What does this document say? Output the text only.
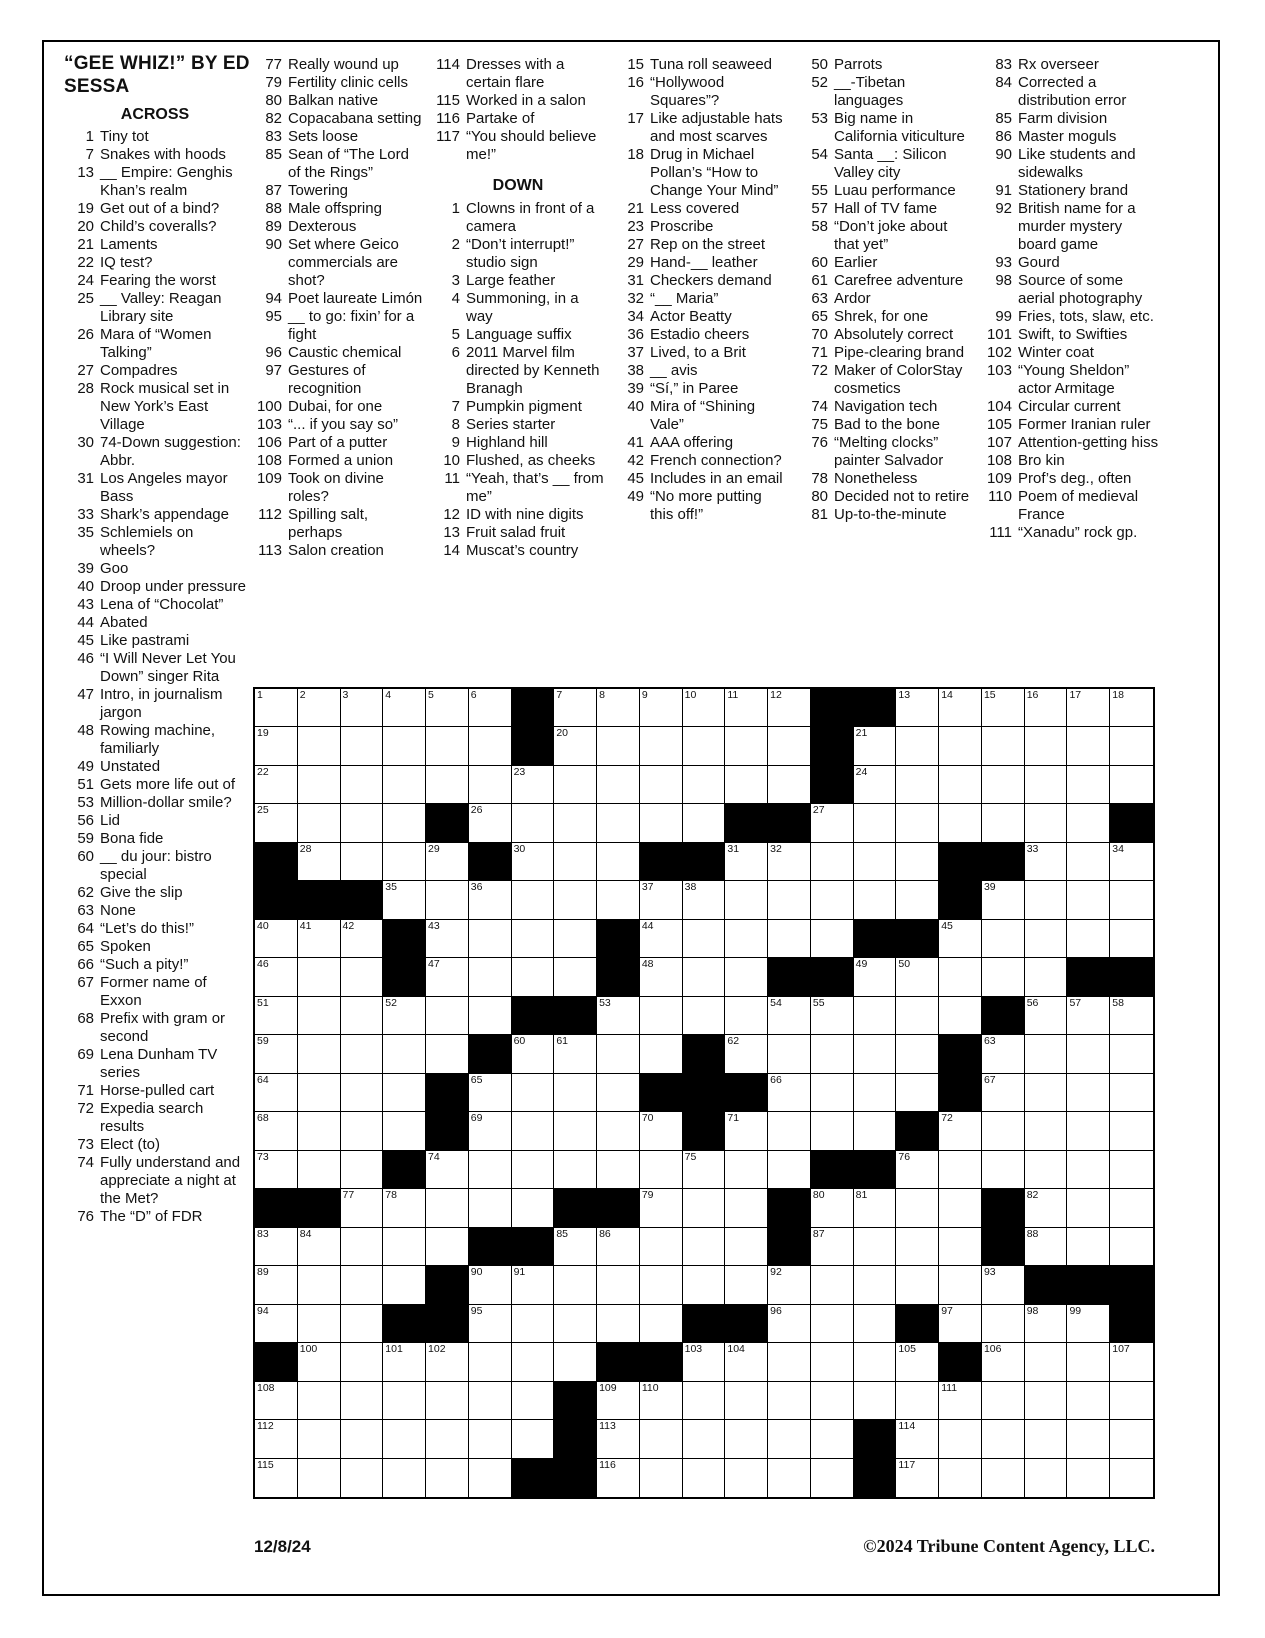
“GEE WHIZ!” BY ED SESSA
ACROSS
1 Tiny tot
7 Snakes with hoods
13 __ Empire: Genghis Khan’s realm
19 Get out of a bind?
20 Child’s coveralls?
21 Laments
22 IQ test?
24 Fearing the worst
25 __ Valley: Reagan Library site
26 Mara of “Women Talking”
27 Compadres
28 Rock musical set in New York’s East Village
30 74-Down suggestion: Abbr.
31 Los Angeles mayor Bass
33 Shark’s appendage
35 Schlemiels on wheels?
39 Goo
40 Droop under pressure
43 Lena of “Chocolat”
44 Abated
45 Like pastrami
46 “I Will Never Let You Down” singer Rita
47 Intro, in journalism jargon
48 Rowing machine, familiarly
49 Unstated
51 Gets more life out of
53 Million-dollar smile?
56 Lid
59 Bona fide
60 __ du jour: bistro special
62 Give the slip
63 None
64 “Let’s do this!”
65 Spoken
66 “Such a pity!”
67 Former name of Exxon
68 Prefix with gram or second
69 Lena Dunham TV series
71 Horse-pulled cart
72 Expedia search results
73 Elect (to)
74 Fully understand and appreciate a night at the Met?
76 The “D” of FDR
77 Really wound up
79 Fertility clinic cells
80 Balkan native
82 Copacabana setting
83 Sets loose
85 Sean of “The Lord of the Rings”
87 Towering
88 Male offspring
89 Dexterous
90 Set where Geico commercials are shot?
94 Poet laureate Limón
95 __ to go: fixin’ for a fight
96 Caustic chemical
97 Gestures of recognition
100 Dubai, for one
103 “... if you say so”
106 Part of a putter
108 Formed a union
109 Took on divine roles?
112 Spilling salt, perhaps
113 Salon creation
114 Dresses with a certain flare
115 Worked in a salon
116 Partake of
117 “You should believe me!”
DOWN
1 Clowns in front of a camera
2 “Don’t interrupt!” studio sign
3 Large feather
4 Summoning, in a way
5 Language suffix
6 2011 Marvel film directed by Kenneth Branagh
7 Pumpkin pigment
8 Series starter
9 Highland hill
10 Flushed, as cheeks
11 “Yeah, that’s __ from me”
12 ID with nine digits
13 Fruit salad fruit
14 Muscat’s country
15 Tuna roll seaweed
16 “Hollywood Squares”?
17 Like adjustable hats and most scarves
18 Drug in Michael Pollan’s “How to Change Your Mind”
21 Less covered
23 Proscribe
27 Rep on the street
29 Hand-__ leather
31 Checkers demand
32 “__ Maria”
34 Actor Beatty
36 Estadio cheers
37 Lived, to a Brit
38 __ avis
39 “Sí,” in Paree
40 Mira of “Shining Vale”
41 AAA offering
42 French connection?
45 Includes in an email
49 “No more putting this off!”
50 Parrots
52 __-Tibetan languages
53 Big name in California viticulture
54 Santa __: Silicon Valley city
55 Luau performance
57 Hall of TV fame
58 “Don’t joke about that yet”
60 Earlier
61 Carefree adventure
63 Ardor
65 Shrek, for one
70 Absolutely correct
71 Pipe-clearing brand
72 Maker of ColorStay cosmetics
74 Navigation tech
75 Bad to the bone
76 “Melting clocks” painter Salvador
78 Nonetheless
80 Decided not to retire
81 Up-to-the-minute
83 Rx overseer
84 Corrected a distribution error
85 Farm division
86 Master moguls
90 Like students and sidewalks
91 Stationery brand
92 British name for a murder mystery board game
93 Gourd
98 Source of some aerial photography
99 Fries, tots, slaw, etc.
101 Swift, to Swifties
102 Winter coat
103 “Young Sheldon” actor Armitage
104 Circular current
105 Former Iranian ruler
107 Attention-getting hiss
108 Bro kin
109 Prof’s deg., often
110 Poem of medieval France
111 “Xanadu” rock gp.
1	2	3	4	5	6	7	8	9	10	11	12	13	14	15	16	17	18
19	20	21
22	23	24
25	26	27
28	29	30	31	32	33	34
35	36	37	38	39
40	41	42	43	44	45
46	47	48	49	50
51	52	53	54	55	56	57	58
59	60	61	62	63
64	65	66	67
68	69	70	71	72
73	74	75	76
77	78	79	80	81	82
83	84	85	86	87	88
89	90	91	92	93
94	95	96	97	98	99
100	101 102	103 104	105	106	107
108	109 110	111
112	113	114
115	116	117
12/8/24	©2024 Tribune Content Agency, LLC.
